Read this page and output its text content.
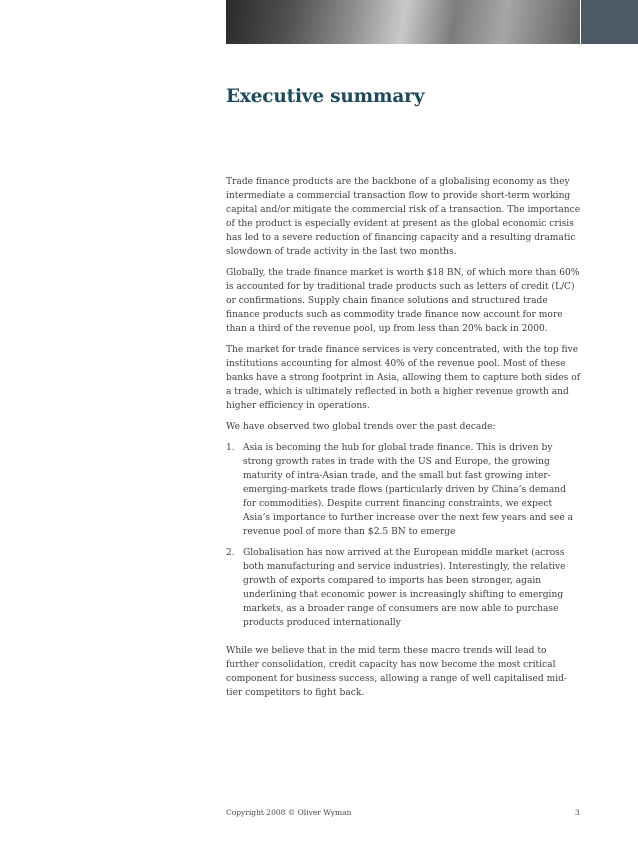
Executive summary

Trade finance products are the backbone of a globalising economy as they intermediate a commercial transaction flow to provide short-term working capital and/or mitigate the commercial risk of a transaction. The importance of the product is especially evident at present as the global economic crisis has led to a severe reduction of financing capacity and a resulting dramatic slowdown of trade activity in the last two months.

Globally, the trade finance market is worth $18 BN, of which more than 60% is accounted for by traditional trade products such as letters of credit (L/C) or confirmations. Supply chain finance solutions and structured trade finance products such as commodity trade finance now account for more than a third of the revenue pool, up from less than 20% back in 2000.

The market for trade finance services is very concentrated, with the top five institutions accounting for almost 40% of the revenue pool. Most of these banks have a strong footprint in Asia, allowing them to capture both sides of a trade, which is ultimately reflected in both a higher revenue growth and higher efficiency in operations.

We have observed two global trends over the past decade:

1. Asia is becoming the hub for global trade finance. This is driven by strong growth rates in trade with the US and Europe, the growing maturity of intra-Asian trade, and the small but fast growing inter-emerging-markets trade flows (particularly driven by China’s demand for commodities). Despite current financing constraints, we expect Asia’s importance to further increase over the next few years and see a revenue pool of more than $2.5 BN to emerge
2. Globalisation has now arrived at the European middle market (across both manufacturing and service industries). Interestingly, the relative growth of exports compared to imports has been stronger, again underlining that economic power is increasingly shifting to emerging markets, as a broader range of consumers are now able to purchase products produced internationally

While we believe that in the mid term these macro trends will lead to further consolidation, credit capacity has now become the most critical component for business success, allowing a range of well capitalised mid-tier competitors to fight back.

Copyright 2008 © Oliver Wyman	3
